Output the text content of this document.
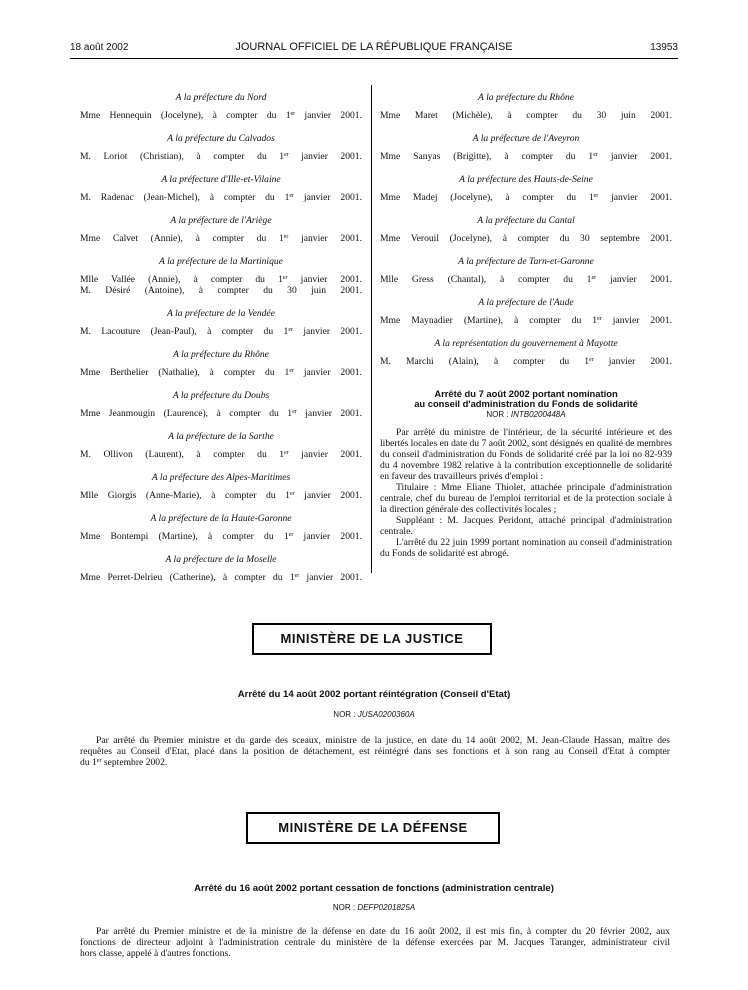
18 août 2002	JOURNAL OFFICIEL DE LA RÉPUBLIQUE FRANÇAISE	13953
A la préfecture du Nord
Mme Hennequin (Jocelyne), à compter du 1er janvier 2001.
A la préfecture du Calvados
M. Loriot (Christian), à compter du 1er janvier 2001.
A la préfecture d'Ille-et-Vilaine
M. Radenac (Jean-Michel), à compter du 1er janvier 2001.
A la préfecture de l'Ariège
Mme Calvet (Annie), à compter du 1er janvier 2001.
A la préfecture de la Martinique
Mlle Vallée (Annie), à compter du 1er janvier 2001.
M. Désiré (Antoine), à compter du 30 juin 2001.
A la préfecture de la Vendée
M. Lacouture (Jean-Paul), à compter du 1er janvier 2001.
A la préfecture du Rhône
Mme Berthelier (Nathalie), à compter du 1er janvier 2001.
A la préfecture du Doubs
Mme Jeanmougin (Laurence), à compter du 1er janvier 2001.
A la préfecture de la Sarthe
M. Ollivon (Laurent), à compter du 1er janvier 2001.
A la préfecture des Alpes-Maritimes
Mlle Giorgis (Anne-Marie), à compter du 1er janvier 2001.
A la préfecture de la Haute-Garonne
Mme Bontempi (Martine), à compter du 1er janvier 2001.
A la préfecture de la Moselle
Mme Perret-Delrieu (Catherine), à compter du 1er janvier 2001.
A la préfecture du Rhône
Mme Maret (Michèle), à compter du 30 juin 2001.
A la préfecture de l'Aveyron
Mme Sanyas (Brigitte), à compter du 1er janvier 2001.
A la préfecture des Hauts-de-Seine
Mme Madej (Jocelyne), à compter du 1er janvier 2001.
A la préfecture du Cantal
Mme Verouil (Jocelyne), à compter du 30 septembre 2001.
A la préfecture de Tarn-et-Garonne
Mlle Gress (Chantal), à compter du 1er janvier 2001.
A la préfecture de l'Aude
Mme Maynadier (Martine), à compter du 1er janvier 2001.
A la représentation du gouvernement à Mayotte
M. Marchi (Alain), à compter du 1er janvier 2001.
Arrêté du 7 août 2002 portant nomination
au conseil d'administration du Fonds de solidarité
NOR : INTB0200448A

Par arrêté du ministre de l'intérieur, de la sécurité intérieure et des libertés locales en date du 7 août 2002, sont désignés en qualité de membres du conseil d'administration du Fonds de solidarité créé par la loi no 82-939 du 4 novembre 1982 relative à la contribution exceptionnelle de solidarité en faveur des travailleurs privés d'emploi :

Titulaire : Mme Eliane Thiolet, attachée principale d'administration centrale, chef du bureau de l'emploi territorial et de la protection sociale à la direction générale des collectivités locales ;

Suppléant : M. Jacques Peridont, attaché principal d'administration centrale.

L'arrêté du 22 juin 1999 portant nomination au conseil d'administration du Fonds de solidarité est abrogé.

MINISTÈRE DE LA JUSTICE
Arrêté du 14 août 2002 portant réintégration (Conseil d'Etat)
NOR : JUSA0200360A
Par arrêté du Premier ministre et du garde des sceaux, ministre de la justice, en date du 14 août 2002, M. Jean-Claude Hassan, maître des
requêtes au Conseil d'Etat, placé dans la position de détachement, est réintégré dans ses fonctions et à son rang au Conseil d'Etat à compter
du 1er septembre 2002.
MINISTÈRE DE LA DÉFENSE
Arrêté du 16 août 2002 portant cessation de fonctions (administration centrale)
NOR : DEFP0201825A
Par arrêté du Premier ministre et de la ministre de la défense en date du 16 août 2002, il est mis fin, à compter du 20 février 2002, aux
fonctions de directeur adjoint à l'administration centrale du ministère de la défense exercées par M. Jacques Taranger, administrateur civil
hors classe, appelé à d'autres fonctions.
